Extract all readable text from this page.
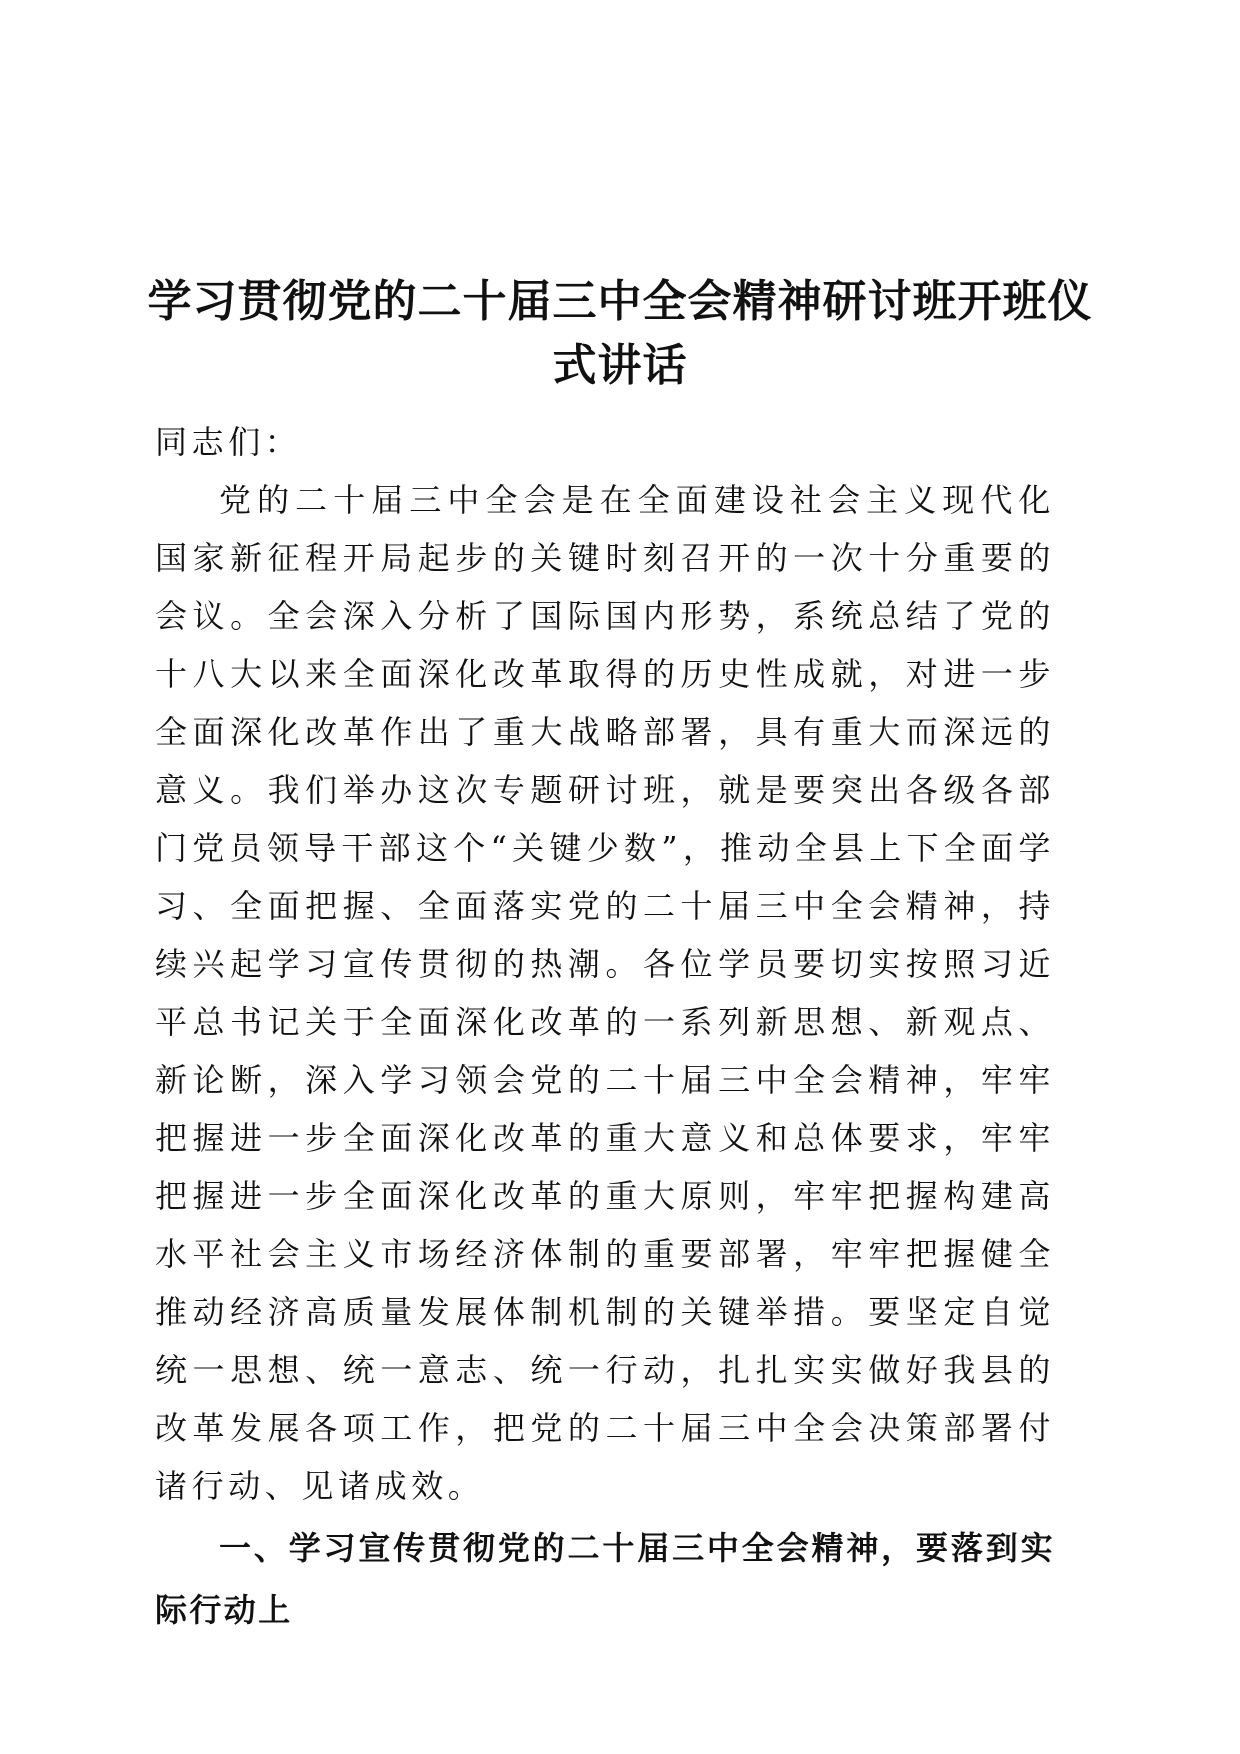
学习贯彻党的二十届三中全会精神研讨班开班仪式讲话

同志们：

党的二十届三中全会是在全面建设社会主义现代化国家新征程开局起步的关键时刻召开的一次十分重要的会议。全会深入分析了国际国内形势，系统总结了党的十八大以来全面深化改革取得的历史性成就，对进一步全面深化改革作出了重大战略部署，具有重大而深远的意义。我们举办这次专题研讨班，就是要突出各级各部门党员领导干部这个“关键少数”，推动全县上下全面学习、全面把握、全面落实党的二十届三中全会精神，持续兴起学习宣传贯彻的热潮。各位学员要切实按照习近平总书记关于全面深化改革的一系列新思想、新观点、新论断，深入学习领会党的二十届三中全会精神，牢牢把握进一步全面深化改革的重大意义和总体要求，牢牢把握进一步全面深化改革的重大原则，牢牢把握构建高水平社会主义市场经济体制的重要部署，牢牢把握健全推动经济高质量发展体制机制的关键举措。要坚定自觉统一思想、统一意志、统一行动，扎扎实实做好我县的改革发展各项工作，把党的二十届三中全会决策部署付诸行动、见诸成效。

一、学习宣传贯彻党的二十届三中全会精神，要落到实际行动上
